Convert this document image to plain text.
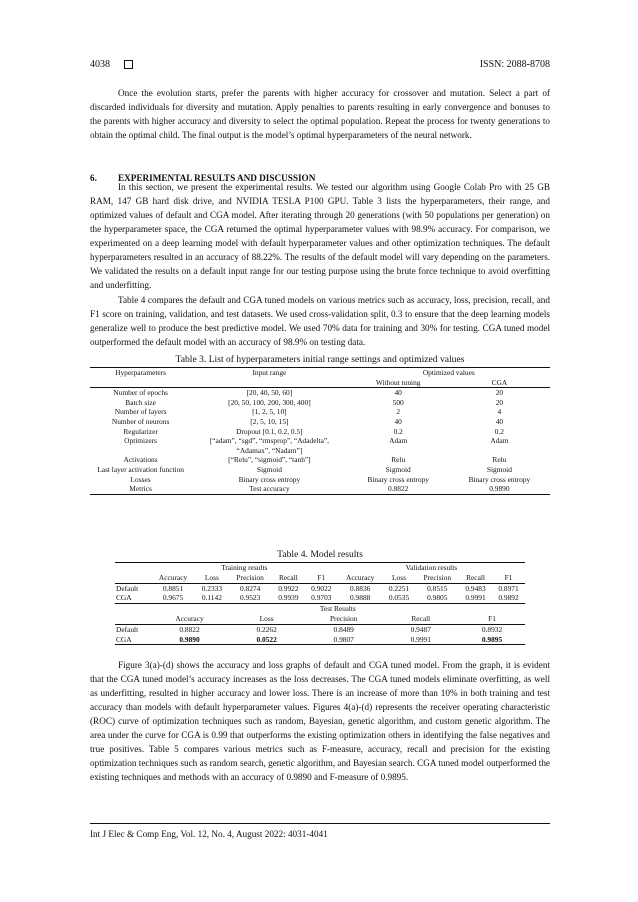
4038	ISSN: 2088-8708
Once the evolution starts, prefer the parents with higher accuracy for crossover and mutation. Select a part of discarded individuals for diversity and mutation. Apply penalties to parents resulting in early convergence and bonuses to the parents with higher accuracy and diversity to select the optimal population. Repeat the process for twenty generations to obtain the optimal child. The final output is the model’s optimal hyperparameters of the neural network.
6. EXPERIMENTAL RESULTS AND DISCUSSION
In this section, we present the experimental results. We tested our algorithm using Google Colab Pro with 25 GB RAM, 147 GB hard disk drive, and NVIDIA TESLA P100 GPU. Table 3 lists the hyperparameters, their range, and optimized values of default and CGA model. After iterating through 20 generations (with 50 populations per generation) on the hyperparameter space, the CGA returned the optimal hyperparameter values with 98.9% accuracy. For comparison, we experimented on a deep learning model with default hyperparameter values and other optimization techniques. The default hyperparameters resulted in an accuracy of 88.22%. The results of the default model will vary depending on the parameters. We validated the results on a default input range for our testing purpose using the brute force technique to avoid overfitting and underfitting.
Table 4 compares the default and CGA tuned models on various metrics such as accuracy, loss, precision, recall, and F1 score on training, validation, and test datasets. We used cross-validation split, 0.3 to ensure that the deep learning models generalize well to produce the best predictive model. We used 70% data for training and 30% for testing. CGA tuned model outperformed the default model with an accuracy of 98.9% on testing data.
Table 3. List of hyperparameters initial range settings and optimized values
Hyperparameters	Input range	Optimized values	
		Without tuning	CGA
Number of epochs	[20, 40, 50, 60]	40	20
Batch size	[20, 50, 100, 200, 300, 400]	500	20
Number of layers	[1, 2, 5, 10]	2	4
Number of neurons	[2, 5, 10, 15]	40	40
Regularizer	Dropout [0.1, 0.2, 0.5]	0.2	0.2
Optimizers	[“adam”, “sgd”, “rmsprop”, “Adadelta”,	Adam	Adam
	“Adamax”, “Nadam”]		
Activations	[“Relu”, “sigmoid”, “tanh”]	Relu	Relu
Last layer activation function	Sigmoid	Sigmoid	Sigmoid
Losses	Binary cross entropy	Binary cross entropy	Binary cross entropy
Metrics	Test accuracy	0.8822	0.9890
Table 4. Model results
	Training results					Validation results				
	Accuracy	Loss	Precision	Recall	F1	Accuracy	Loss	Precision	Recall	F1
Default	0.8851	0.2333	0.8274	0.9922	0.9022	0.8836	0.2251	0.8515	0.9483	0.8971
CGA	0.9675	0.1142	0.9523	0.9939	0.9703	0.9888	0.0535	0.9805	0.9991	0.9892
	Test Results									
	Accuracy		Loss		Precision		Recall		F1	
Default	0.8822		0.2262		0.8489		0.9487		0.8932	
CGA	0.9890		0.0522		0.9807		0.9991		0.9895	
Figure 3(a)-(d) shows the accuracy and loss graphs of default and CGA tuned model. From the graph, it is evident that the CGA tuned model’s accuracy increases as the loss decreases. The CGA tuned models eliminate overfitting, as well as underfitting, resulted in higher accuracy and lower loss. There is an increase of more than 10% in both training and test accuracy than models with default hyperparameter values. Figures 4(a)-(d) represents the receiver operating characteristic (ROC) curve of optimization techniques such as random, Bayesian, genetic algorithm, and custom genetic algorithm. The area under the curve for CGA is 0.99 that outperforms the existing optimization others in identifying the false negatives and true positives. Table 5 compares various metrics such as F-measure, accuracy, recall and precision for the existing optimization techniques such as random search, genetic algorithm, and Bayesian search. CGA tuned model outperformed the existing techniques and methods with an accuracy of 0.9890 and F-measure of 0.9895.
Int J Elec & Comp Eng, Vol. 12, No. 4, August 2022: 4031-4041
